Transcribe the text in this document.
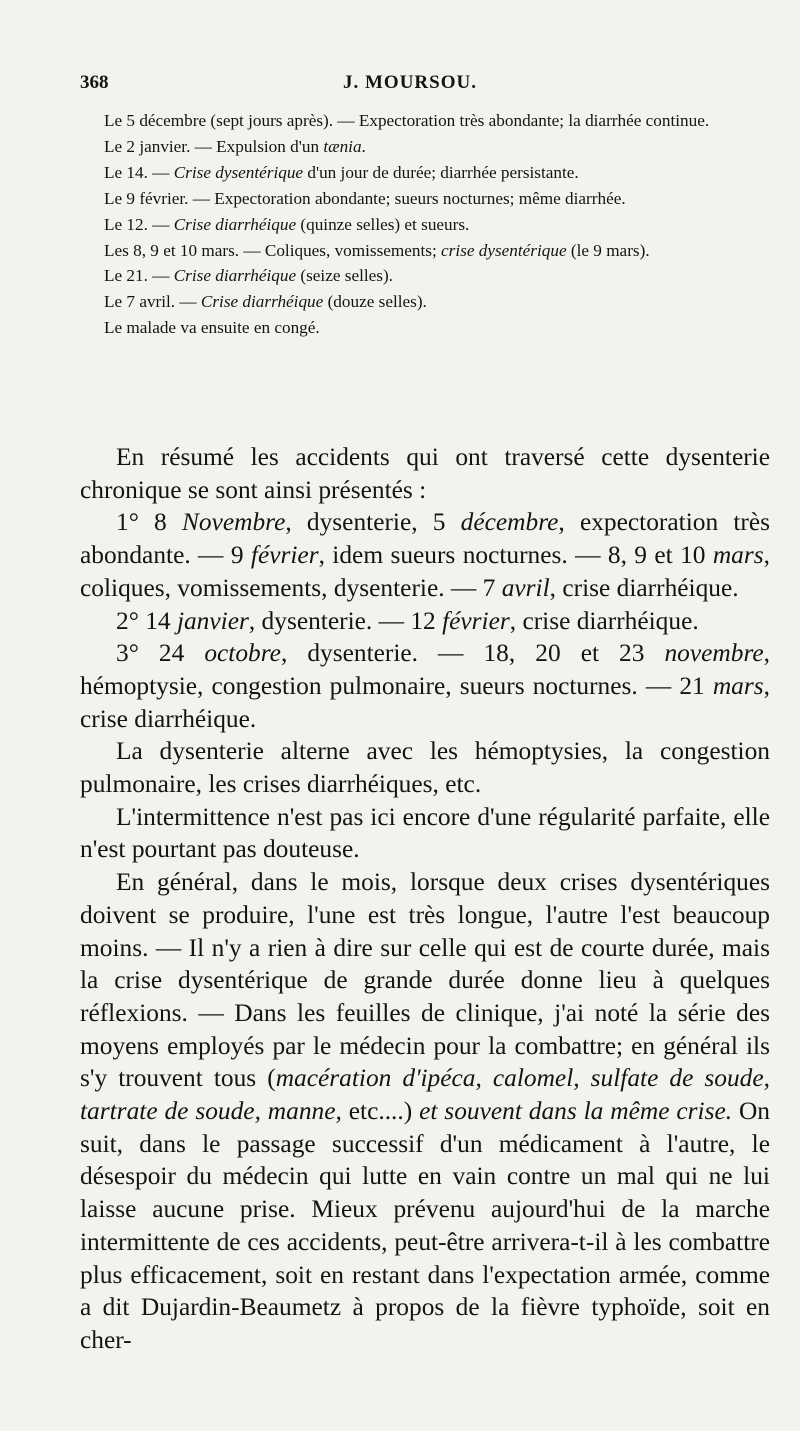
368	J. MOURSOU.

Le 5 décembre (sept jours après). — Expectoration très abondante; la diarrhée continue.

Le 2 janvier. — Expulsion d'un tænia.

Le 14. — Crise dysentérique d'un jour de durée; diarrhée persistante.

Le 9 février. — Expectoration abondante; sueurs nocturnes; même diarrhée.

Le 12. — Crise diarrhéique (quinze selles) et sueurs.

Les 8, 9 et 10 mars. — Coliques, vomissements; crise dysentérique (le 9 mars).

Le 21. — Crise diarrhéique (seize selles).

Le 7 avril. — Crise diarrhéique (douze selles).

Le malade va ensuite en congé.

En résumé les accidents qui ont traversé cette dysenterie chronique se sont ainsi présentés :

1° 8 Novembre, dysenterie, 5 décembre, expectoration très abondante. — 9 février, idem sueurs nocturnes. — 8, 9 et 10 mars, coliques, vomissements, dysenterie. — 7 avril, crise diarrhéique.

2° 14 janvier, dysenterie. — 12 février, crise diarrhéique.

3° 24 octobre, dysenterie. — 18, 20 et 23 novembre, hémoptysie, congestion pulmonaire, sueurs nocturnes. — 21 mars, crise diarrhéique.

La dysenterie alterne avec les hémoptysies, la congestion pulmonaire, les crises diarrhéiques, etc.

L'intermittence n'est pas ici encore d'une régularité parfaite, elle n'est pourtant pas douteuse.

En général, dans le mois, lorsque deux crises dysentériques doivent se produire, l'une est très longue, l'autre l'est beaucoup moins. — Il n'y a rien à dire sur celle qui est de courte durée, mais la crise dysentérique de grande durée donne lieu à quelques réflexions. — Dans les feuilles de clinique, j'ai noté la série des moyens employés par le médecin pour la combattre; en général ils s'y trouvent tous (macération d'ipéca, calomel, sulfate de soude, tartrate de soude, manne, etc....) et souvent dans la même crise. On suit, dans le passage successif d'un médicament à l'autre, le désespoir du médecin qui lutte en vain contre un mal qui ne lui laisse aucune prise. Mieux prévenu aujourd'hui de la marche intermittente de ces accidents, peut-être arrivera-t-il à les combattre plus efficacement, soit en restant dans l'expectation armée, comme a dit Dujardin-Beaumetz à propos de la fièvre typhoïde, soit en cher-
